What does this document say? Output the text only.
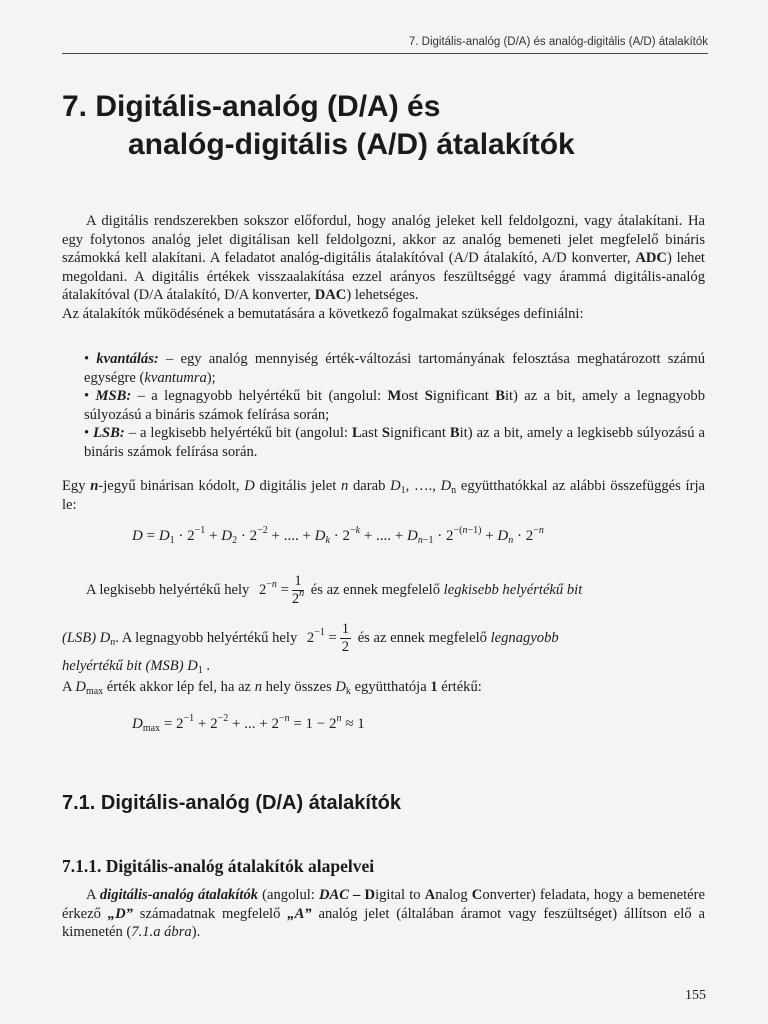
7. Digitális-analóg (D/A) és analóg-digitális (A/D) átalakítók
7. Digitális-analóg (D/A) és
analóg-digitális (A/D) átalakítók
A digitális rendszerekben sokszor előfordul, hogy analóg jeleket kell feldolgozni, vagy átalakítani. Ha egy folytonos analóg jelet digitálisan kell feldolgozni, akkor az analóg bemeneti jelet megfelelő bináris számokká kell alakítani. A feladatot analóg-digitális átalakítóval (A/D átalakító, A/D konverter, ADC) lehet megoldani. A digitális értékek visszaalakítása ezzel arányos feszültséggé vagy árammá digitális-analóg átalakítóval (D/A átalakító, D/A konverter, DAC) lehetséges.
Az átalakítók működésének a bemutatására a következő fogalmakat szükséges definiálni:
• kvantálás: – egy analóg mennyiség érték-változási tartományának felosztása meghatározott számú egységre (kvantumra);
• MSB: – a legnagyobb helyértékű bit (angolul: Most Significant Bit) az a bit, amely a legnagyobb súlyozású a bináris számok felírása során;
• LSB: – a legkisebb helyértékű bit (angolul: Last Significant Bit) az a bit, amely a legkisebb súlyozású a bináris számok felírása során.
Egy n-jegyű binárisan kódolt, D digitális jelet n darab $D_1$, …., $D_n$ együtthatókkal az alábbi összefüggés írja le:
$D = D_1 \cdot 2^{-1} + D_2 \cdot 2^{-2}$ + .... + $D_k \cdot 2^{-k}$ + .... + $D_{n-1} \cdot 2^{-(n-1)} + D_n \cdot 2^{-n}$
A legkisebb helyértékű hely $2^{-n} = \frac{1}{2^n}$ és az ennek megfelelő legkisebb helyértékű bit
(LSB) $D_n$. A legnagyobb helyértékű hely $2^{-1} = \frac{1}{2}$ és az ennek megfelelő legnagyobb
helyértékű bit (MSB) $D_1$ .
A $D_{max}$ érték akkor lép fel, ha az n hely összes $D_k$ együtthatója 1 értékű:
$D_{max} = 2^{-1} + 2^{-2}$ + ... + $2^{-n} = 1 - 2^n \approx 1$
7.1. Digitális-analóg (D/A) átalakítók
7.1.1. Digitális-analóg átalakítók alapelvei
A digitális-analóg átalakítók (angolul: DAC – Digital to Analog Converter) feladata, hogy a bemenetére érkező „D” számadatnak megfelelő „A” analóg jelet (általában áramot vagy feszültséget) állítson elő a kimenetén (7.1.a ábra).
155
